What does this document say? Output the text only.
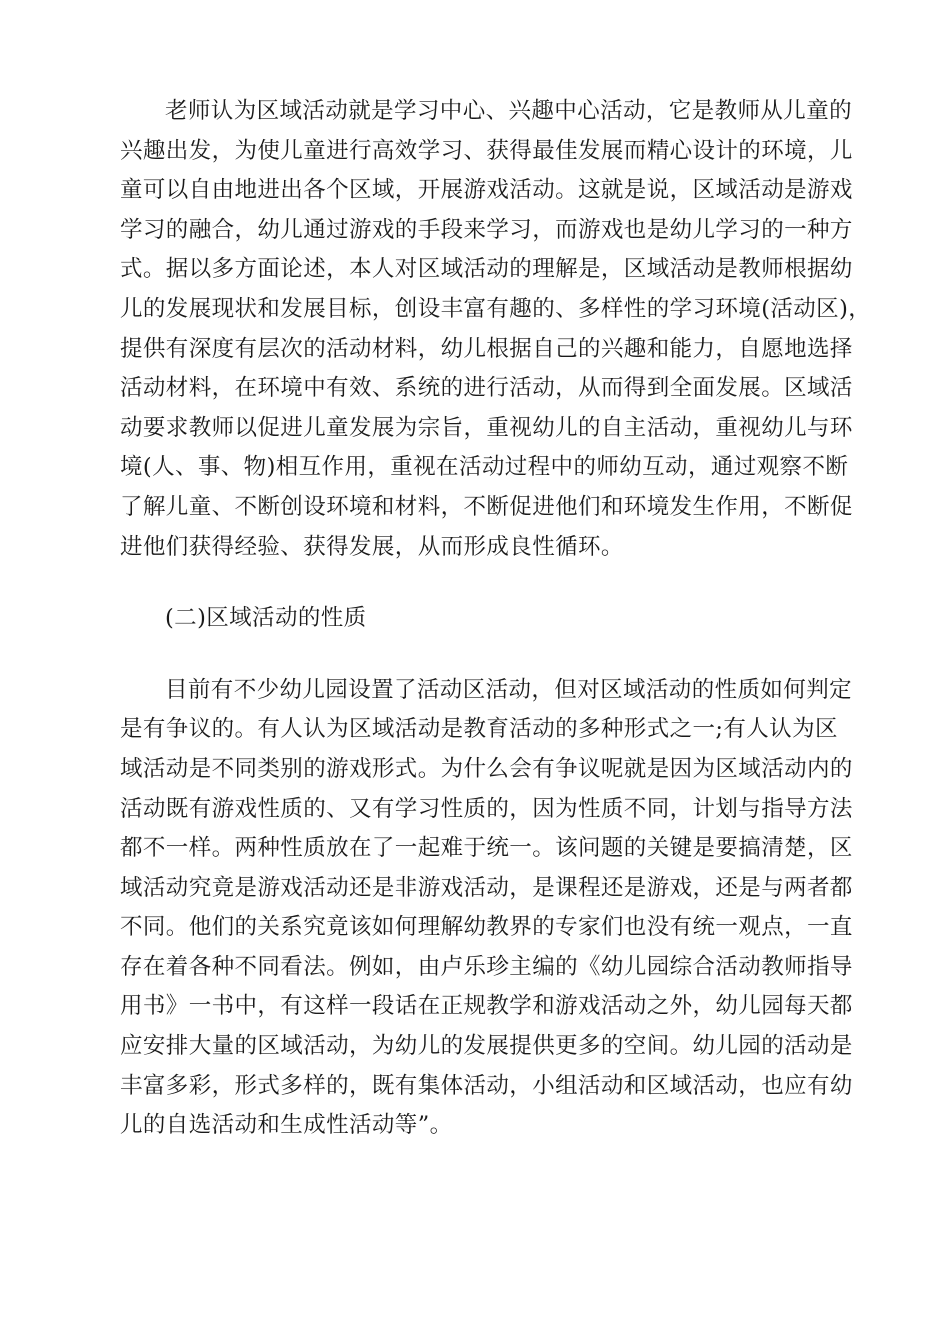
老师认为区域活动就是学习中心、兴趣中心活动，它是教师从儿童的
兴趣出发，为使儿童进行高效学习、获得最佳发展而精心设计的环境，儿
童可以自由地进出各个区域，开展游戏活动。这就是说，区域活动是游戏
学习的融合，幼儿通过游戏的手段来学习，而游戏也是幼儿学习的一种方
式。据以多方面论述，本人对区域活动的理解是，区域活动是教师根据幼
儿的发展现状和发展目标，创设丰富有趣的、多样性的学习环境(活动区)，
提供有深度有层次的活动材料，幼儿根据自己的兴趣和能力，自愿地选择
活动材料，在环境中有效、系统的进行活动，从而得到全面发展。区域活
动要求教师以促进儿童发展为宗旨，重视幼儿的自主活动，重视幼儿与环
境(人、事、物)相互作用，重视在活动过程中的师幼互动，通过观察不断
了解儿童、不断创设环境和材料，不断促进他们和环境发生作用，不断促
进他们获得经验、获得发展，从而形成良性循环。
(二)区域活动的性质
目前有不少幼儿园设置了活动区活动，但对区域活动的性质如何判定
是有争议的。有人认为区域活动是教育活动的多种形式之一;有人认为区
域活动是不同类别的游戏形式。为什么会有争议呢就是因为区域活动内的
活动既有游戏性质的、又有学习性质的，因为性质不同，计划与指导方法
都不一样。两种性质放在了一起难于统一。该问题的关键是要搞清楚，区
域活动究竟是游戏活动还是非游戏活动，是课程还是游戏，还是与两者都
不同。他们的关系究竟该如何理解幼教界的专家们也没有统一观点，一直
存在着各种不同看法。例如，由卢乐珍主编的《幼儿园综合活动教师指导
用书》一书中，有这样一段话在正规教学和游戏活动之外，幼儿园每天都
应安排大量的区域活动，为幼儿的发展提供更多的空间。幼儿园的活动是
丰富多彩，形式多样的，既有集体活动，小组活动和区域活动，也应有幼
儿的自选活动和生成性活动等”。
